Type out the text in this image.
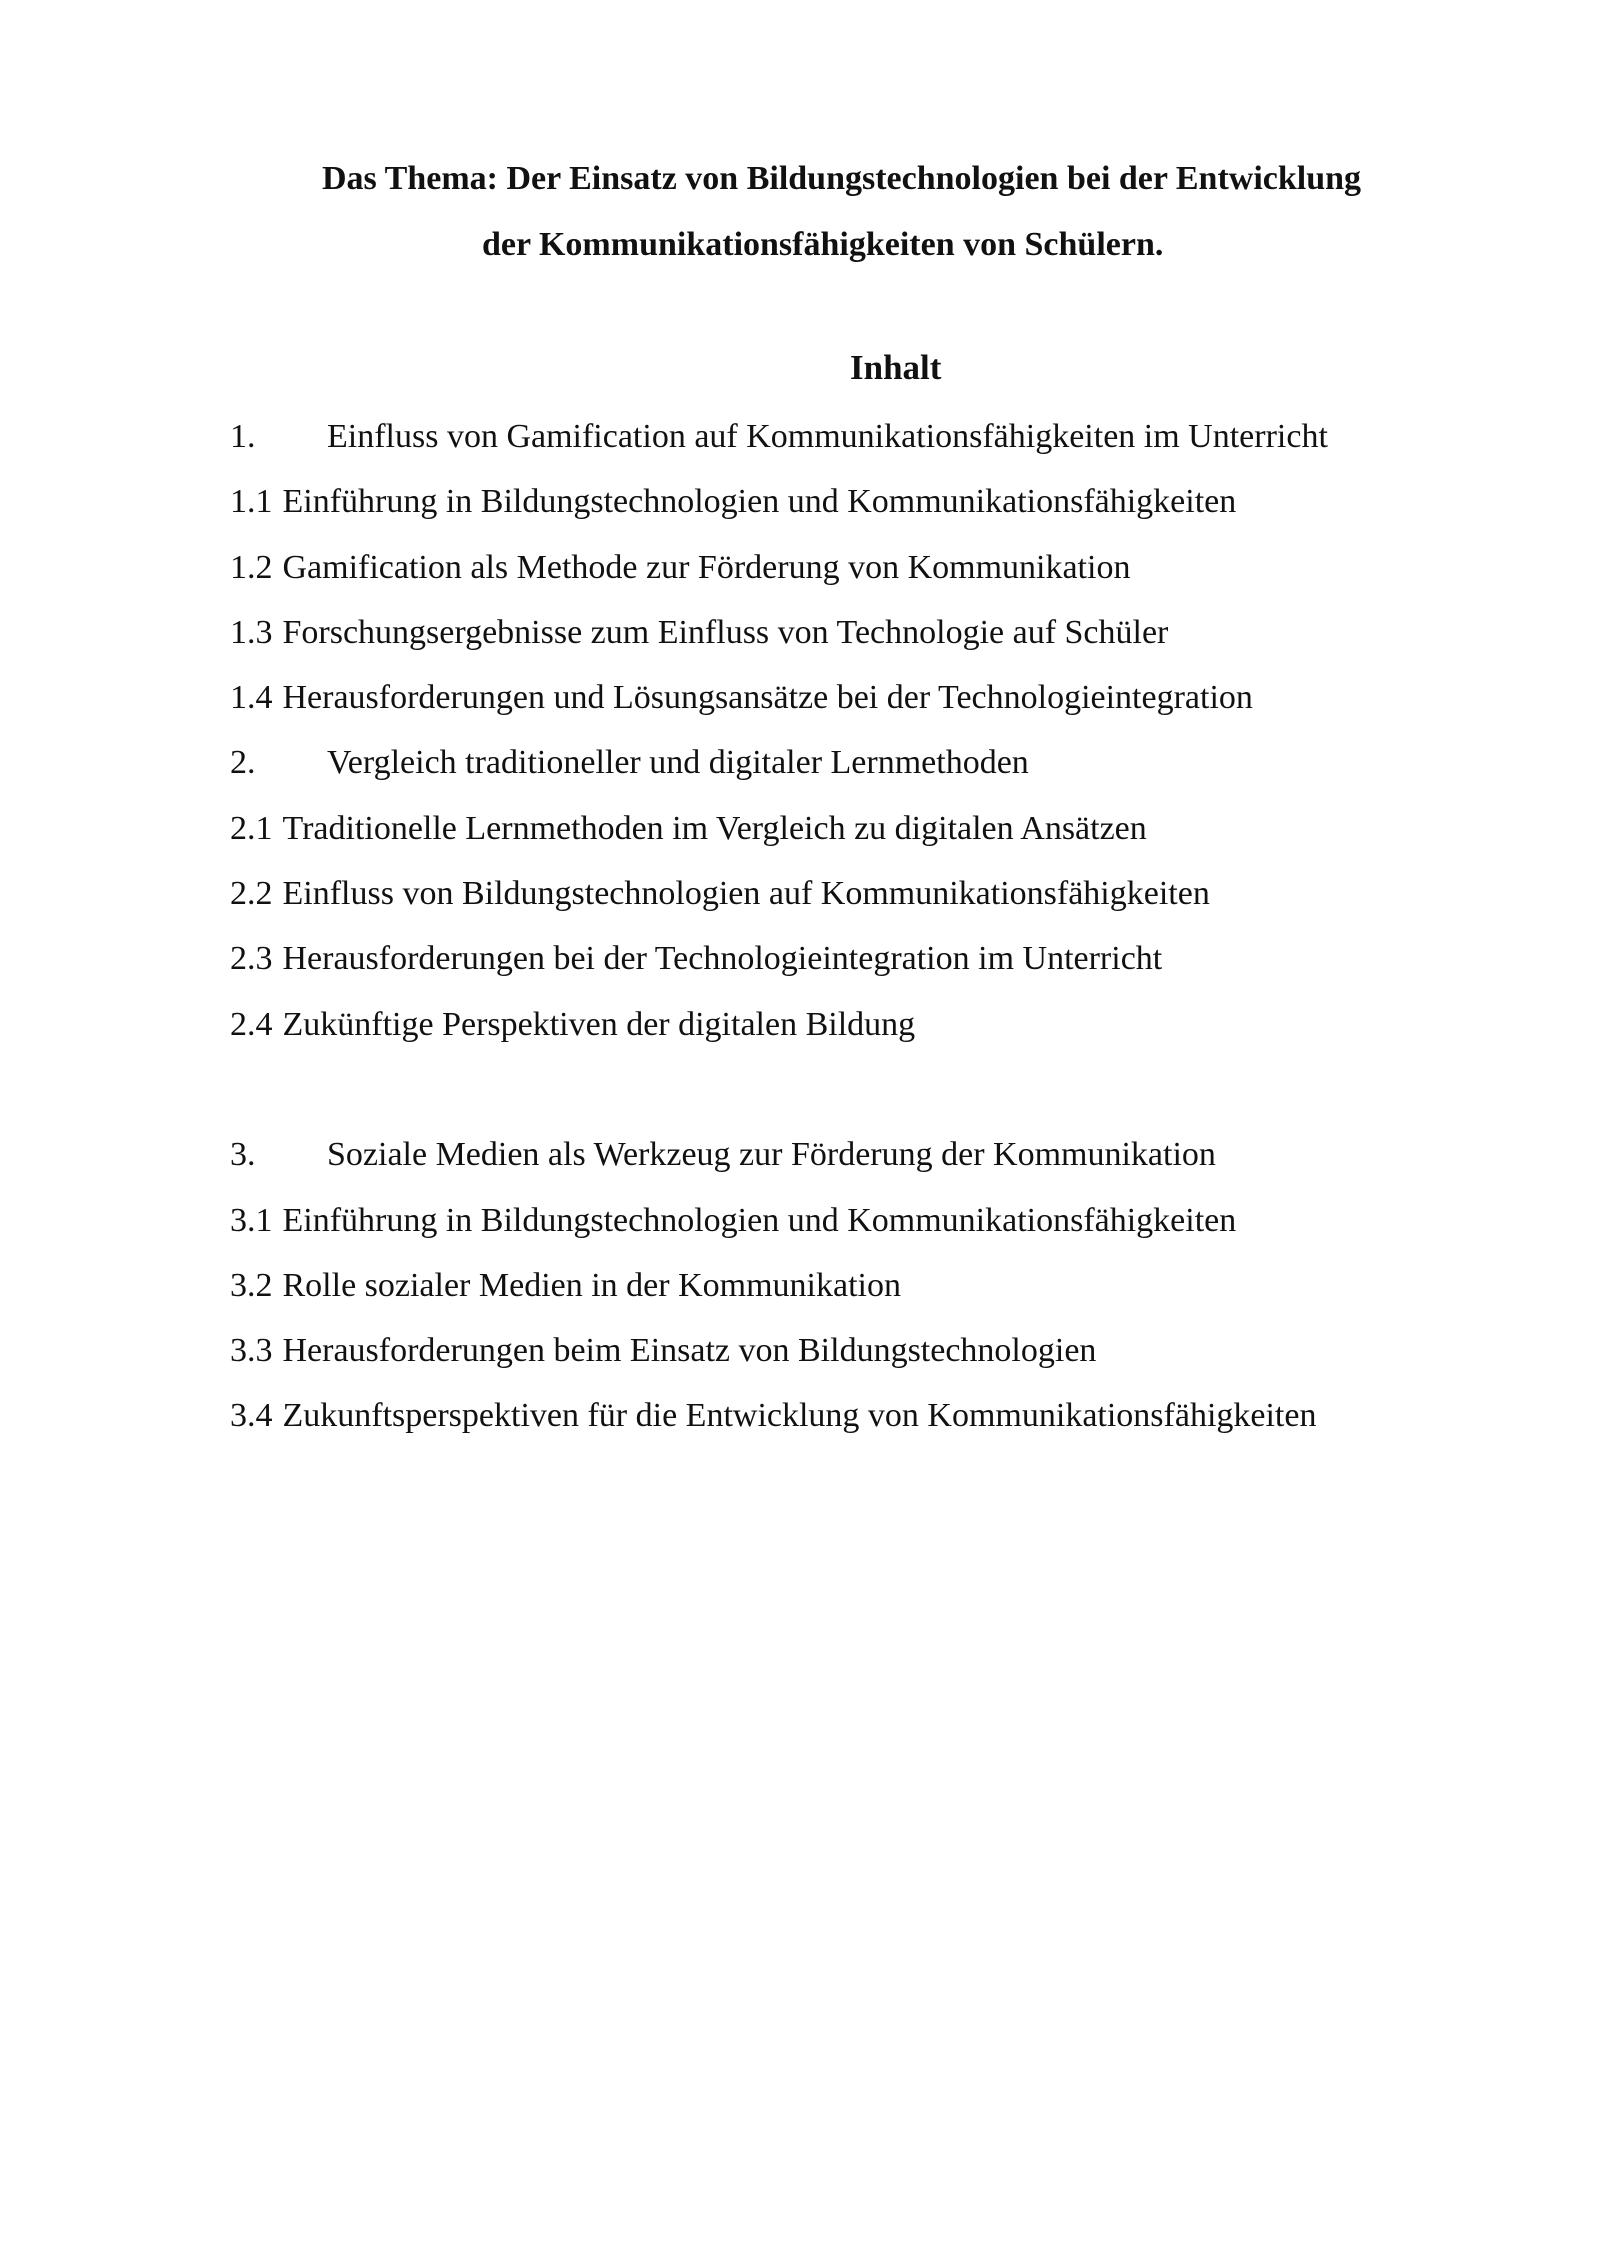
Das Thema: Der Einsatz von Bildungstechnologien bei der Entwicklung
der Kommunikationsfähigkeiten von Schülern.
Inhalt
1. Einfluss von Gamification auf Kommunikationsfähigkeiten im Unterricht
1.1 Einführung in Bildungstechnologien und Kommunikationsfähigkeiten
1.2 Gamification als Methode zur Förderung von Kommunikation
1.3 Forschungsergebnisse zum Einfluss von Technologie auf Schüler
1.4 Herausforderungen und Lösungsansätze bei der Technologieintegration
2. Vergleich traditioneller und digitaler Lernmethoden
2.1 Traditionelle Lernmethoden im Vergleich zu digitalen Ansätzen
2.2 Einfluss von Bildungstechnologien auf Kommunikationsfähigkeiten
2.3 Herausforderungen bei der Technologieintegration im Unterricht
2.4 Zukünftige Perspektiven der digitalen Bildung
3. Soziale Medien als Werkzeug zur Förderung der Kommunikation
3.1 Einführung in Bildungstechnologien und Kommunikationsfähigkeiten
3.2 Rolle sozialer Medien in der Kommunikation
3.3 Herausforderungen beim Einsatz von Bildungstechnologien
3.4 Zukunftsperspektiven für die Entwicklung von Kommunikationsfähigkeiten
